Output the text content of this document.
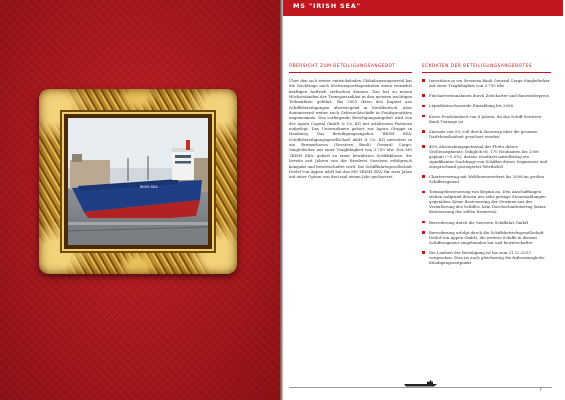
IRISH SEA
MS "IRISH SEA"
ÜBERSICHT ZUM BETEILIGUNGSANGEBOT

Über den sich weiter entwickelnden Globalisierungstrend hat die Nachfrage nach Seetransportkapazitäten einen vermehrt kräftigen Auftrieb verbuchen können. Das hat zu neuen Höchstständen der Transportzahlen in den meisten wichtigen Teilmärkten geführt. Bis 2003 ihren das Kapital aus Schiffsbeteiligungen überwiegend in Norddeutsch. Aber dominierend weiter auch Gebrauchtschiffe in Fondsprojekten angekommen. Das vorliegende Beteiligungsangebot wird von der Agora Capital GmbH & Co. KG mit erfahrenen Partnern aufgelegt. Das Unternehmen gehört zur Agora Gruppe in Hamburg. Das Beteiligungsangebot 'IRISH SEA' Schiffsbeteiligungsgesellschaft mbH & Co. KG investiert in ein Bremerhaven (Seestern Bauli) General Cargo-Singledecker mit einer Tragfähigkeit von 3.750 tdw. Das MS 'IRISH SEA' gehört zu einer bewährten Schiffsklasse, die bereits seit Jahren von der Reederei Seestern erfolgreich kompakt und bewirtschaftet wird. Die Schifffahrtsgesellschaft Detlef von Appen mbH hat das MS 'IRISH SEA' für zwei Jahre mit einer Option von drei mal einem Jahr gechartert.

ECKDATEN DER BETEILIGUNGSANGEBOTES
Investition in ein Seestern Bauli General Cargo-Singledecker mit einer Tragfähigkeit von 3.750 tdw
Fixchartereinnahmen durch Zeitcharter und Baureederpreis
Liquiditätsschonende Einzahlung bis 2006
Kurze Fondslaufzeit von 8 Jahren, da das Schiff Seestern Bauli Tonnage ist
Zinssatz von 5% voll durch Zinsswap über die gesamte Darlehenslaufzeit gesichert worden
40% Abwrackungspotential der Flotte dieses Größensegments; lediglich rd. 170 Neubauten bis 2008 geplant (~5,5%); daraus resultiert mittelfristig ein signifikanter Nachfrage von Schiffen dieses Segmentes und entsprechend gesteigerter Werthebel
Chartervertrag mit Weltlinienreederei bis 2008 im großen Schiffssegment
Tonnagebesteuerung von Beginn an. Den Anschaffungen stehen aufgrund dessen nur sehr geringe Steuerzahlungen gegenüber. Keine Besteuerung der Gewinne aus der Veräußerung des Schiffes, kein Durchschnittsbetrag (keine Besteuerung der stillen Reserven)
Bereederung durch die Seestern Schiffahrt GmbH
Bereederung erfolgt durch die Schiffsbetriebsgesellschaft Detlef von Appen GmbH, die weitere Schiffe in diesem Schiffssegment eingebunden hat und bewirtschaftet
Die Laufzeit der Beteiligung ist bis zum 31.12.2013 vorgesehen. Dies ist auch gleichzeitig die frühestmögliche Kündigungszeitpunkt
7
